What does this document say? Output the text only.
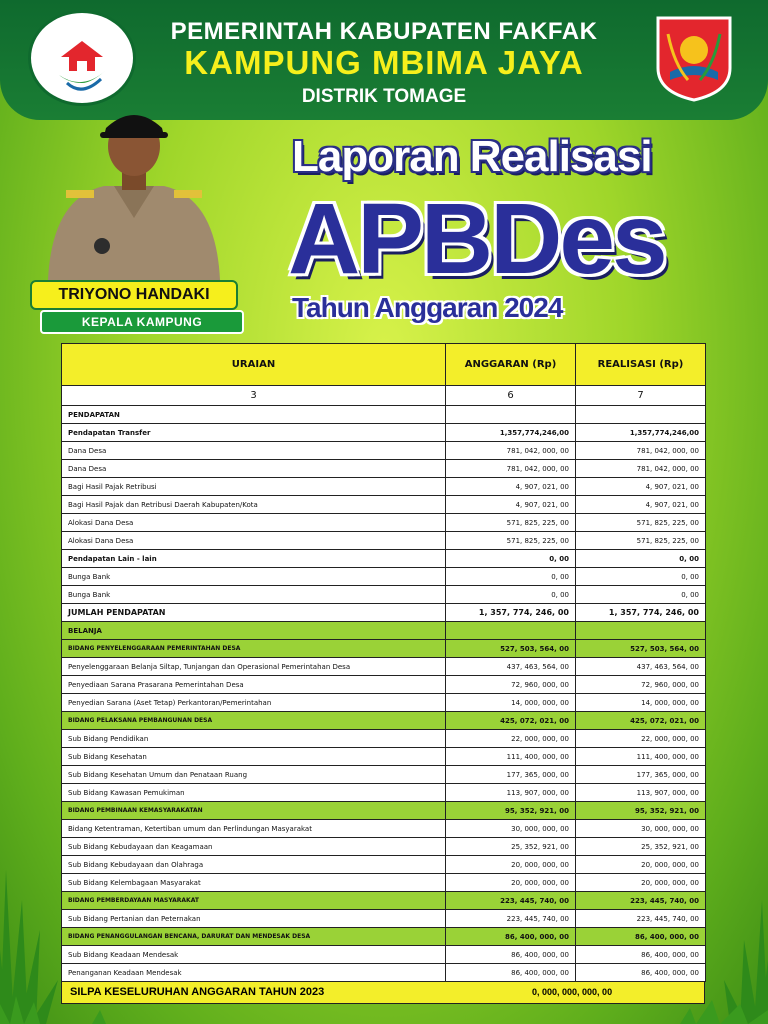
PEMERINTAH KABUPATEN FAKFAK
KAMPUNG MBIMA JAYA
DISTRIK TOMAGE
TRIYONO HANDAKI
KEPALA KAMPUNG
Laporan Realisasi
APBDes
Tahun Anggaran 2024
URAIAN	ANGGARAN (Rp)	REALISASI (Rp)
3	6	7
PENDAPATAN		
Pendapatan Transfer	1,357,774,246,00	1,357,774,246,00
Dana Desa	781, 042, 000, 00	781, 042, 000, 00
Dana Desa	781, 042, 000, 00	781, 042, 000, 00
Bagi Hasil Pajak Retribusi	4, 907, 021, 00	4, 907, 021, 00
Bagi Hasil Pajak dan Retribusi Daerah Kabupaten/Kota	4, 907, 021, 00	4, 907, 021, 00
Alokasi Dana Desa	571, 825, 225, 00	571, 825, 225, 00
Alokasi Dana Desa	571, 825, 225, 00	571, 825, 225, 00
Pendapatan Lain - lain	0, 00	0, 00
Bunga Bank	0, 00	0, 00
Bunga Bank	0, 00	0, 00
JUMLAH PENDAPATAN	1, 357, 774, 246, 00	1, 357, 774, 246, 00
BELANJA		
BIDANG PENYELENGGARAAN PEMERINTAHAN DESA	527, 503, 564, 00	527, 503, 564, 00
Penyelenggaraan Belanja Siltap, Tunjangan dan Operasional Pemerintahan Desa	437, 463, 564, 00	437, 463, 564, 00
Penyediaan Sarana Prasarana Pemerintahan Desa	72, 960, 000, 00	72, 960, 000, 00
Penyedian Sarana (Aset Tetap) Perkantoran/Pemerintahan	14, 000, 000, 00	14, 000, 000, 00
BIDANG PELAKSANA PEMBANGUNAN DESA	425, 072, 021, 00	425, 072, 021, 00
Sub Bidang Pendidikan	22, 000, 000, 00	22, 000, 000, 00
Sub Bidang Kesehatan	111, 400, 000, 00	111, 400, 000, 00
Sub Bidang Kesehatan Umum dan Penataan Ruang	177, 365, 000, 00	177, 365, 000, 00
Sub Bidang Kawasan Pemukiman	113, 907, 000, 00	113, 907, 000, 00
BIDANG PEMBINAAN KEMASYARAKATAN	95, 352, 921, 00	95, 352, 921, 00
Bidang Ketentraman, Ketertiban umum dan Perlindungan Masyarakat	30, 000, 000, 00	30, 000, 000, 00
Sub Bidang Kebudayaan dan Keagamaan	25, 352, 921, 00	25, 352, 921, 00
Sub Bidang Kebudayaan dan Olahraga	20, 000, 000, 00	20, 000, 000, 00
Sub Bidang Kelembagaan Masyarakat	20, 000, 000, 00	20, 000, 000, 00
BIDANG PEMBERDAYAAN MASYARAKAT	223, 445, 740, 00	223, 445, 740, 00
Sub Bidang Pertanian dan Peternakan	223, 445, 740, 00	223, 445, 740, 00
BIDANG PENANGGULANGAN BENCANA, DARURAT DAN MENDESAK DESA	86, 400, 000, 00	86, 400, 000, 00
Sub Bidang Keadaan Mendesak	86, 400, 000, 00	86, 400, 000, 00
Penanganan Keadaan Mendesak	86, 400, 000, 00	86, 400, 000, 00
SILPA KESELURUHAN ANGGARAN TAHUN 2023	0, 000, 000, 000, 00
